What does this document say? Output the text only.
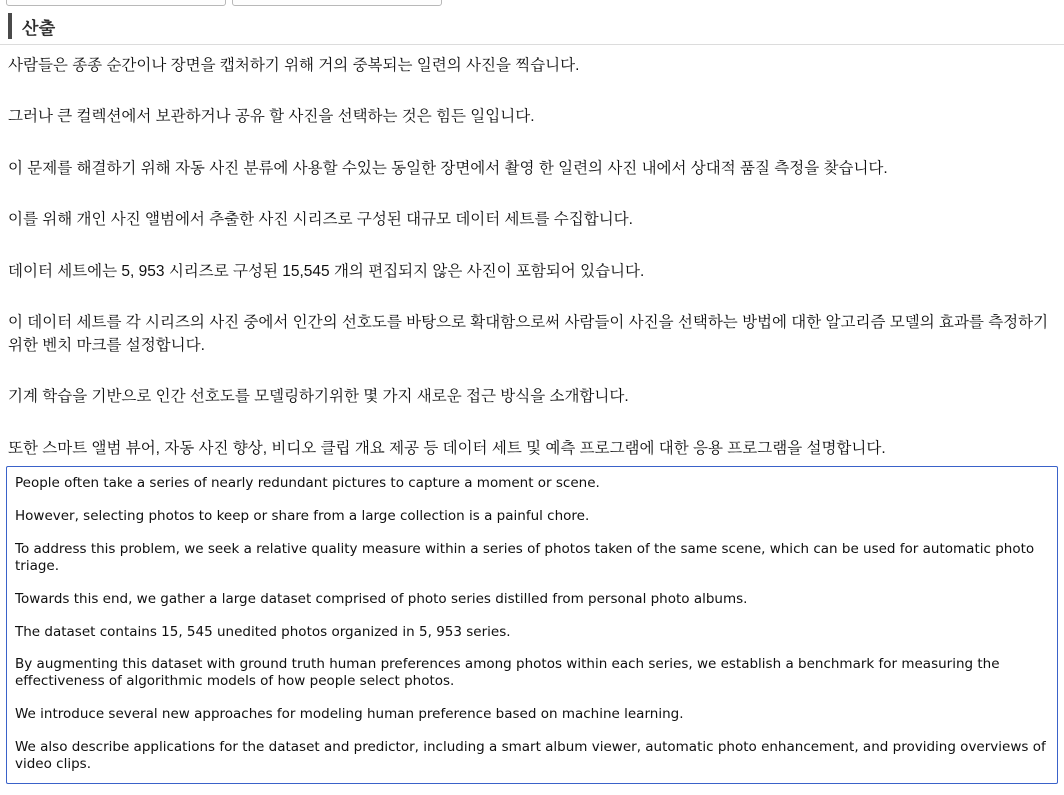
산출

사람들은 종종 순간이나 장면을 캡처하기 위해 거의 중복되는 일련의 사진을 찍습니다.

그러나 큰 컬렉션에서 보관하거나 공유 할 사진을 선택하는 것은 힘든 일입니다.

이 문제를 해결하기 위해 자동 사진 분류에 사용할 수있는 동일한 장면에서 촬영 한 일련의 사진 내에서 상대적 품질 측정을 찾습니다.

이를 위해 개인 사진 앨범에서 추출한 사진 시리즈로 구성된 대규모 데이터 세트를 수집합니다.

데이터 세트에는 5, 953 시리즈로 구성된 15,545 개의 편집되지 않은 사진이 포함되어 있습니다.

이 데이터 세트를 각 시리즈의 사진 중에서 인간의 선호도를 바탕으로 확대함으로써 사람들이 사진을 선택하는 방법에 대한 알고리즘 모델의 효과를 측정하기위한 벤치 마크를 설정합니다.

기계 학습을 기반으로 인간 선호도를 모델링하기위한 몇 가지 새로운 접근 방식을 소개합니다.

또한 스마트 앨범 뷰어, 자동 사진 향상, 비디오 클립 개요 제공 등 데이터 세트 및 예측 프로그램에 대한 응용 프로그램을 설명합니다.

People often take a series of nearly redundant pictures to capture a moment or scene.

However, selecting photos to keep or share from a large collection is a painful chore.

To address this problem, we seek a relative quality measure within a series of photos taken of the same scene, which can be used for automatic photo triage.

Towards this end, we gather a large dataset comprised of photo series distilled from personal photo albums.

The dataset contains 15, 545 unedited photos organized in 5, 953 series.

By augmenting this dataset with ground truth human preferences among photos within each series, we establish a benchmark for measuring the effectiveness of algorithmic models of how people select photos.

We introduce several new approaches for modeling human preference based on machine learning.

We also describe applications for the dataset and predictor, including a smart album viewer, automatic photo enhancement, and providing overviews of video clips.
